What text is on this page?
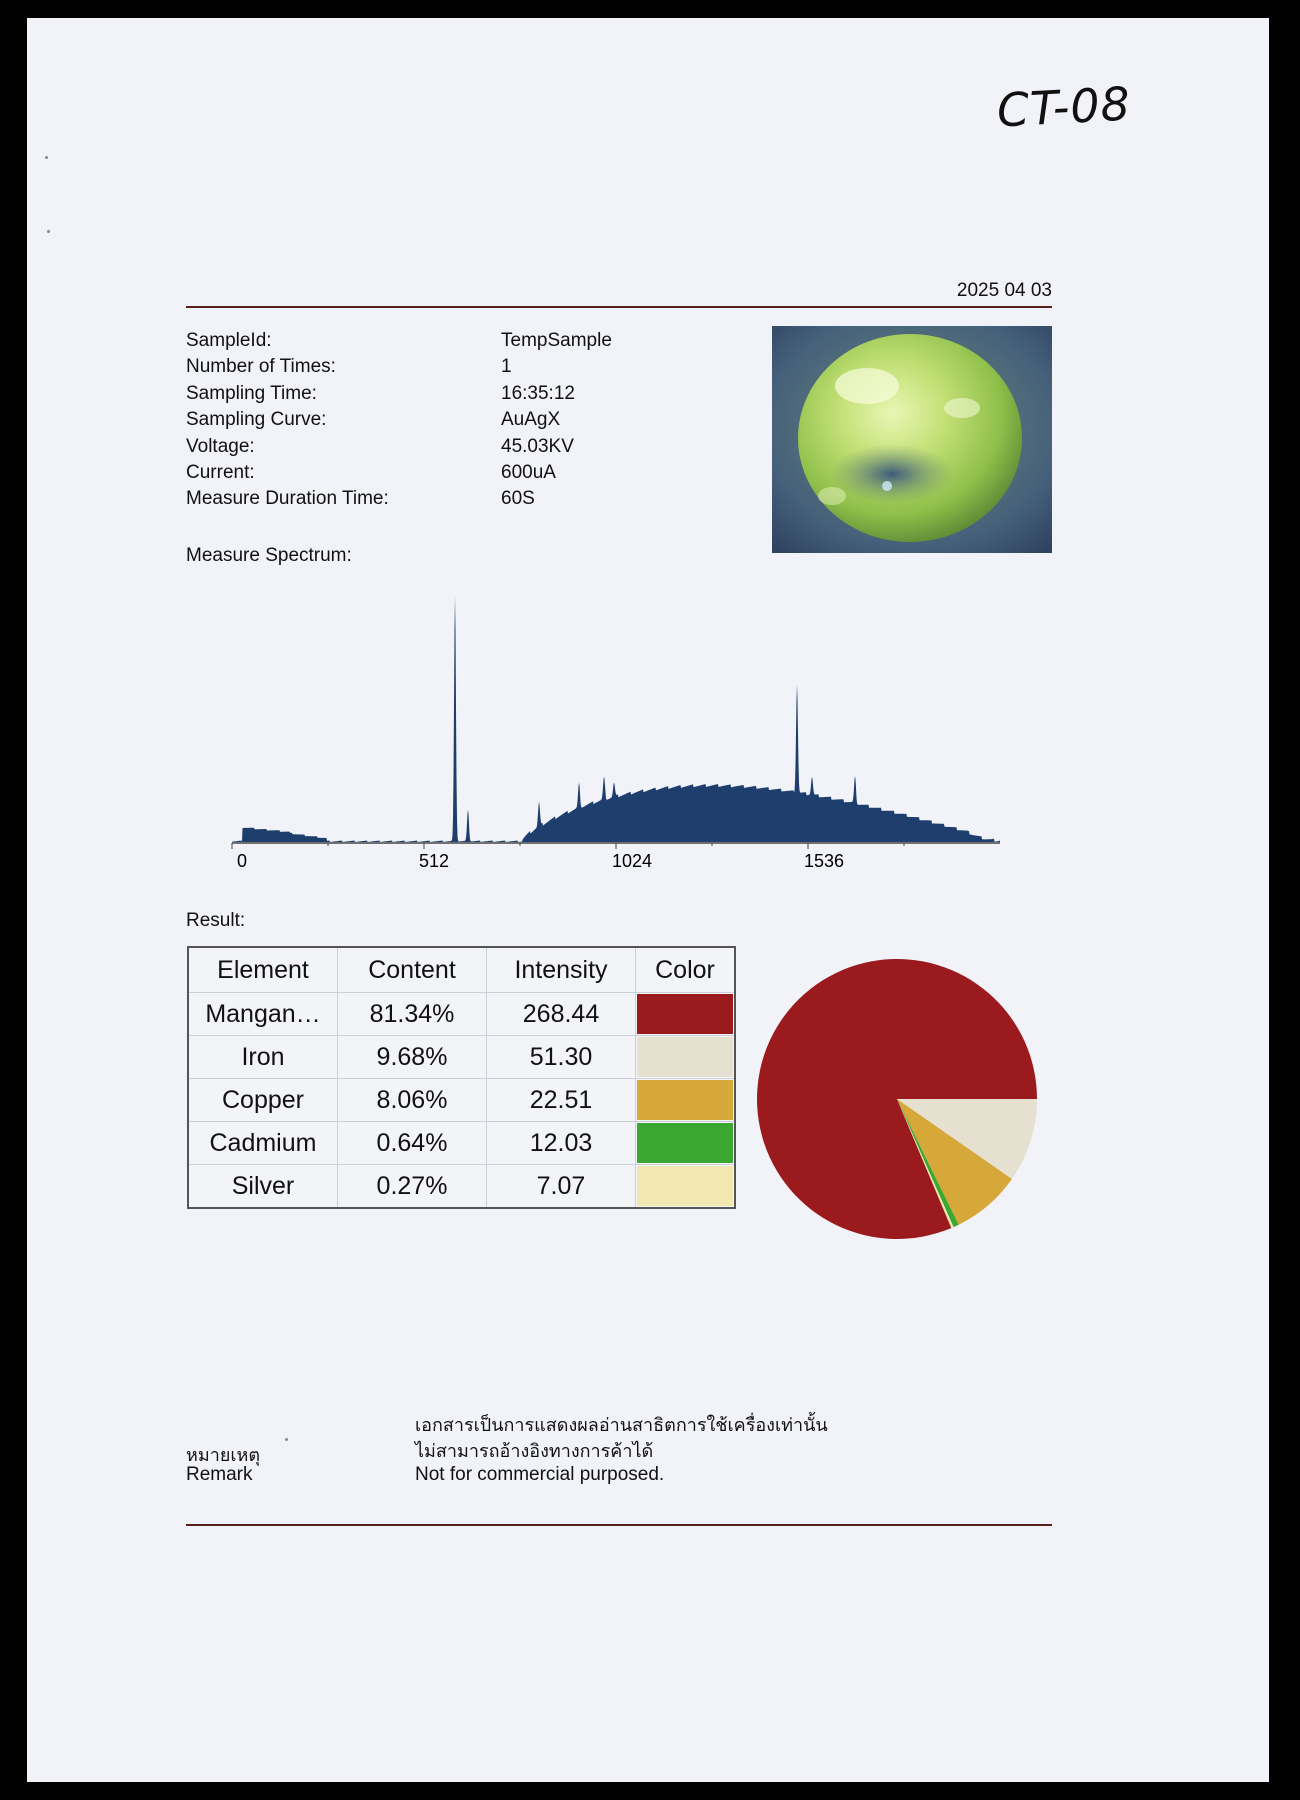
CT-08
2025 04 03
SampleId:	TempSample
Number of Times:	1
Sampling Time:	16:35:12
Sampling Curve:	AuAgX
Voltage:	45.03KV
Current:	600uA
Measure Duration Time:	60S
Measure Spectrum:
0	512	1024	1536
Result:
Element	Content	Intensity	Color
Mangan…	81.34%	268.44	

Iron	9.68%	51.30	

Copper	8.06%	22.51	

Cadmium	0.64%	12.03	

Silver	0.27%	7.07	
เอกสารเป็นการแสดงผลอ่านสาธิตการใช้เครื่องเท่านั้น
ไม่สามารถอ้างอิงทางการค้าได้
หมายเหตุ
Remark	Not for commercial purposed.
